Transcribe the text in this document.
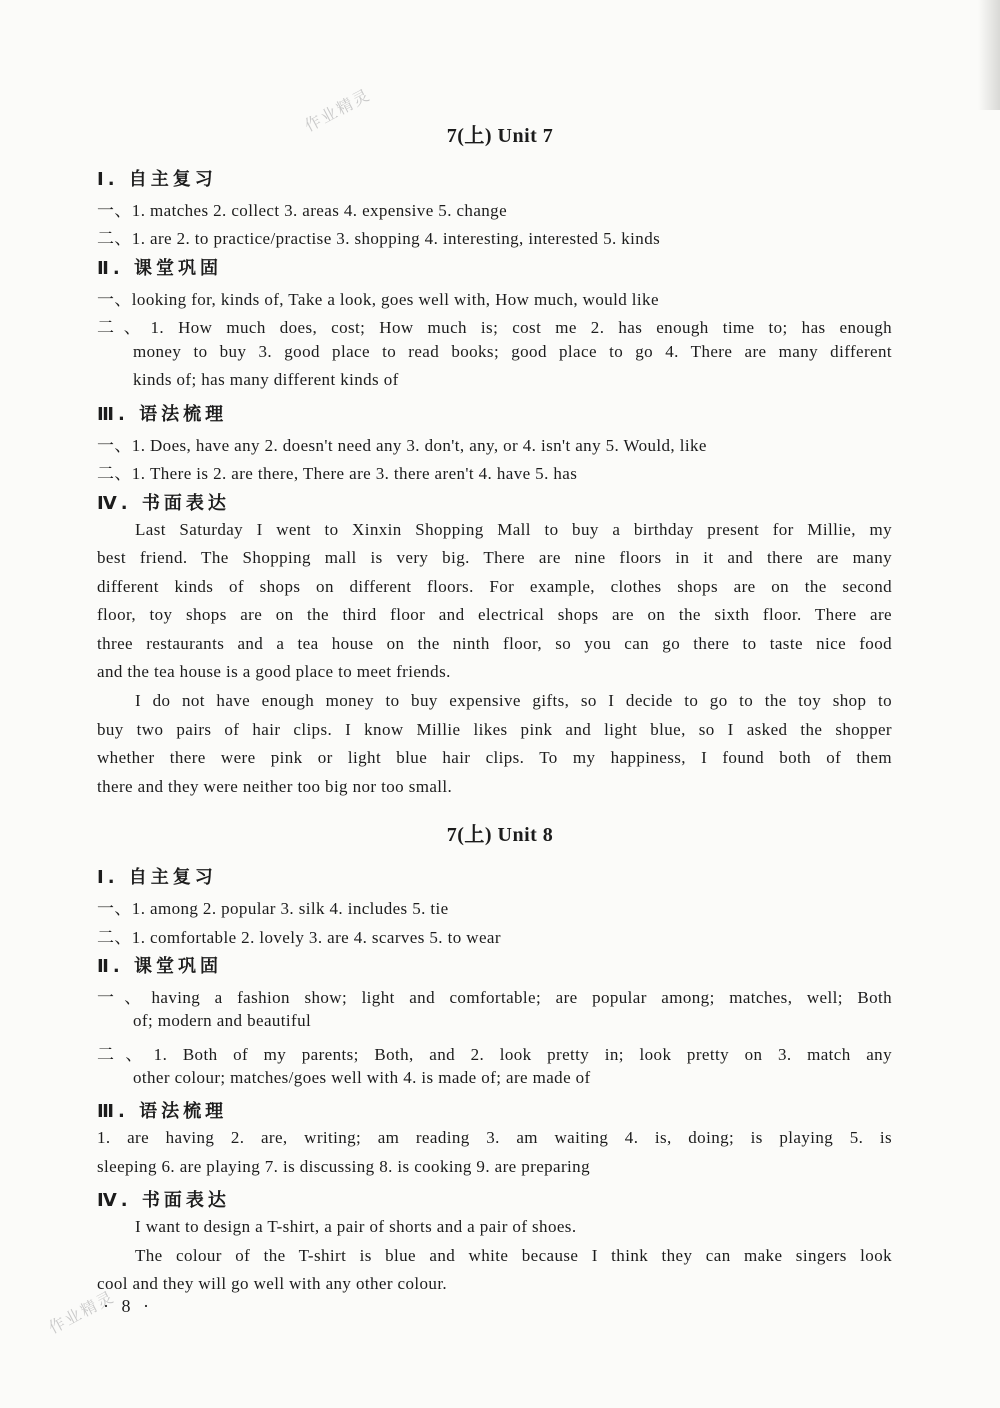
作业精灵
作业精灵
7(上) Unit 7
Ⅰ. 自主复习
一、1. matches 2. collect 3. areas 4. expensive 5. change
二、1. are 2. to practice/practise 3. shopping 4. interesting, interested 5. kinds
Ⅱ. 课堂巩固
一、looking for, kinds of, Take a look, goes well with, How much, would like
二、1. How much does, cost; How much is; cost me 2. has enough time to; has enough
money to buy 3. good place to read books; good place to go 4. There are many different
kinds of; has many different kinds of
Ⅲ. 语法梳理
一、1. Does, have any 2. doesn't need any 3. don't, any, or 4. isn't any 5. Would, like
二、1. There is 2. are there, There are 3. there aren't 4. have 5. has
Ⅳ. 书面表达
Last Saturday I went to Xinxin Shopping Mall to buy a birthday present for Millie, my
best friend. The Shopping mall is very big. There are nine floors in it and there are many
different kinds of shops on different floors. For example, clothes shops are on the second
floor, toy shops are on the third floor and electrical shops are on the sixth floor. There are
three restaurants and a tea house on the ninth floor, so you can go there to taste nice food
and the tea house is a good place to meet friends.
I do not have enough money to buy expensive gifts, so I decide to go to the toy shop to
buy two pairs of hair clips. I know Millie likes pink and light blue, so I asked the shopper
whether there were pink or light blue hair clips. To my happiness, I found both of them
there and they were neither too big nor too small.
7(上) Unit 8
Ⅰ. 自主复习
一、1. among 2. popular 3. silk 4. includes 5. tie
二、1. comfortable 2. lovely 3. are 4. scarves 5. to wear
Ⅱ. 课堂巩固
一、having a fashion show; light and comfortable; are popular among; matches, well; Both
of; modern and beautiful
二、1. Both of my parents; Both, and 2. look pretty in; look pretty on 3. match any
other colour; matches/goes well with 4. is made of; are made of
Ⅲ. 语法梳理
1. are having 2. are, writing; am reading 3. am waiting 4. is, doing; is playing 5. is
sleeping 6. are playing 7. is discussing 8. is cooking 9. are preparing
Ⅳ. 书面表达
I want to design a T-shirt, a pair of shorts and a pair of shoes.
The colour of the T-shirt is blue and white because I think they can make singers look
cool and they will go well with any other colour.
· 8 ·
